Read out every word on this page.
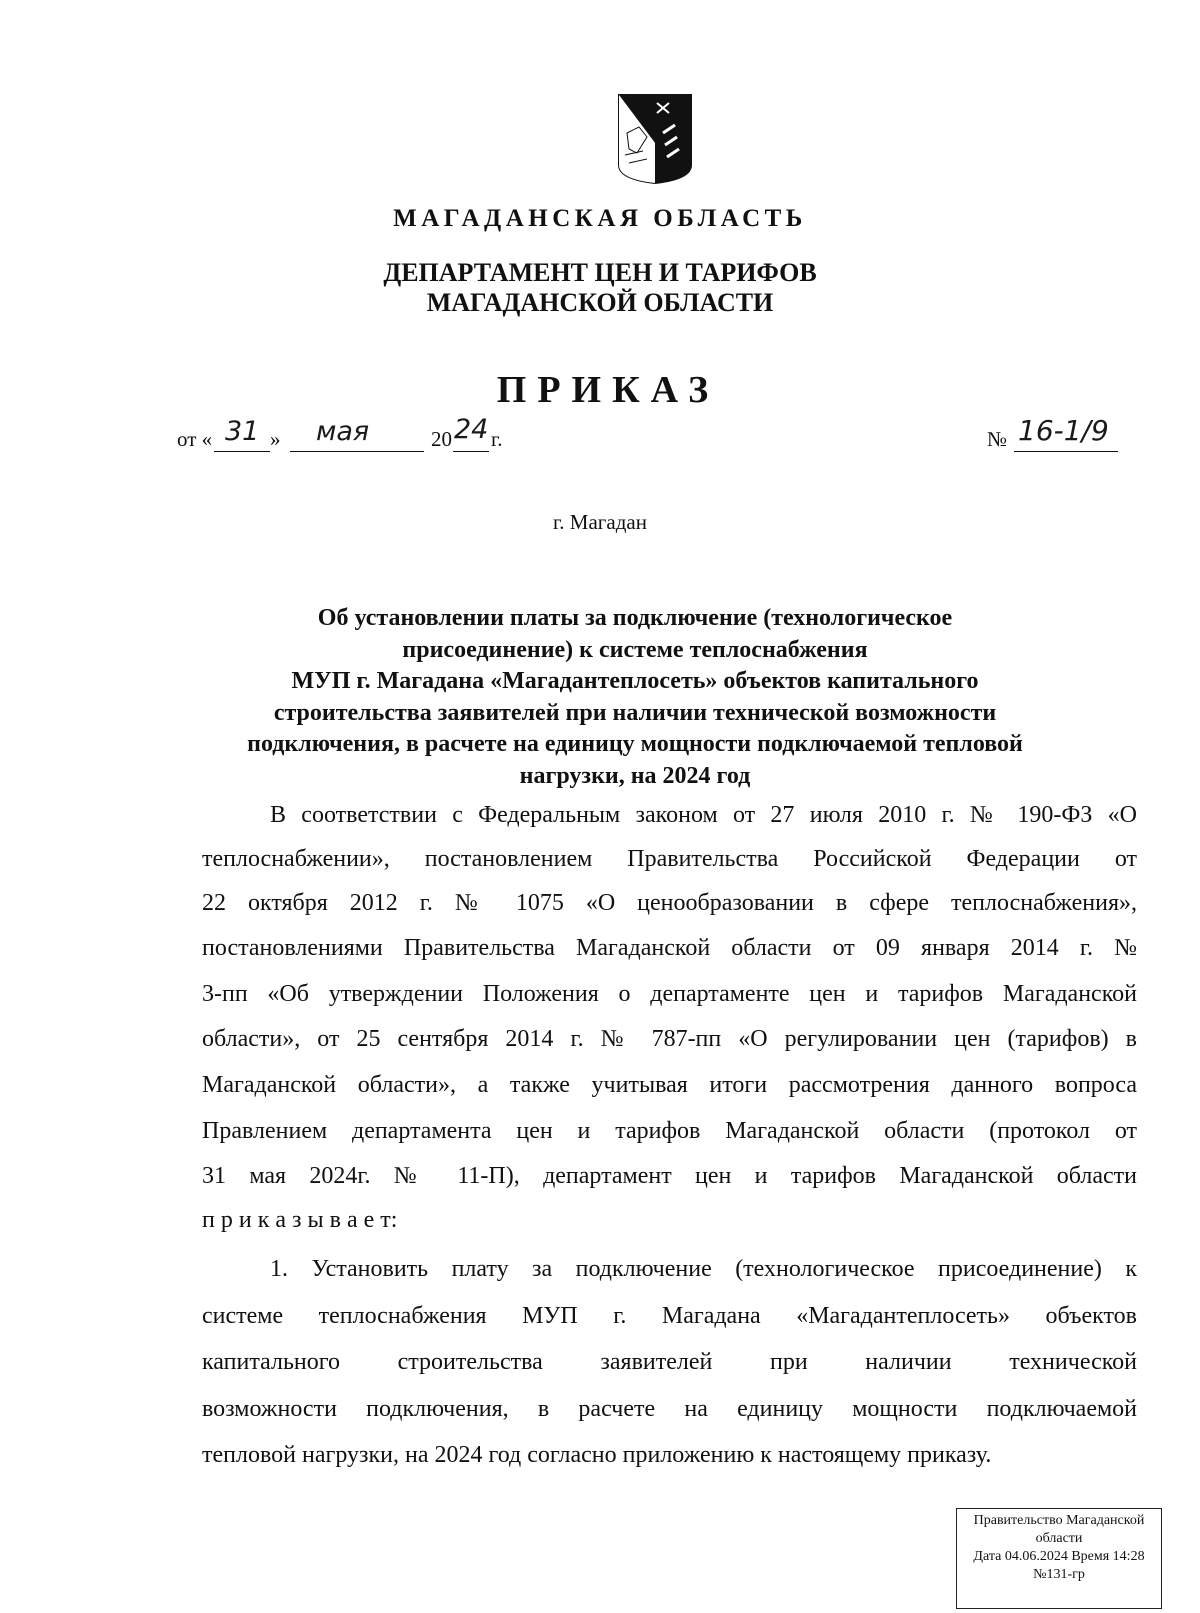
МАГАДАНСКАЯ ОБЛАСТЬ
ДЕПАРТАМЕНТ ЦЕН И ТАРИФОВ
МАГАДАНСКОЙ ОБЛАСТИ
ПРИКАЗ
от « 31 » мая	20 24 г.	№ 16-1/9
г. Магадан
Об установлении платы за подключение (технологическое
присоединение) к системе теплоснабжения
МУП г. Магадана «Магадантеплосеть» объектов капитального
строительства заявителей при наличии технической возможности
подключения, в расчете на единицу мощности подключаемой тепловой
нагрузки, на 2024 год
В соответствии с Федеральным законом от 27 июля 2010 г. № 190-ФЗ «О
теплоснабжении», постановлением Правительства Российской Федерации от
22 октября 2012 г. № 1075 «О ценообразовании в сфере теплоснабжения»,
постановлениями Правительства Магаданской области от 09 января 2014 г. №
3-пп «Об утверждении Положения о департаменте цен и тарифов Магаданской
области», от 25 сентября 2014 г. № 787-пп «О регулировании цен (тарифов) в
Магаданской области», а также учитывая итоги рассмотрения данного вопроса
Правлением департамента цен и тарифов Магаданской области (протокол от
31 мая 2024г. № 11-П), департамент цен и тарифов Магаданской области
п р и к а з ы в а е т:
1. Установить плату за подключение (технологическое присоединение) к
системе теплоснабжения МУП г. Магадана «Магадантеплосеть» объектов
капитального строительства заявителей при наличии технической
возможности подключения, в расчете на единицу мощности подключаемой
тепловой нагрузки, на 2024 год согласно приложению к настоящему приказу.
Правительство Магаданской
области
Дата 04.06.2024 Время 14:28
№131-гр
